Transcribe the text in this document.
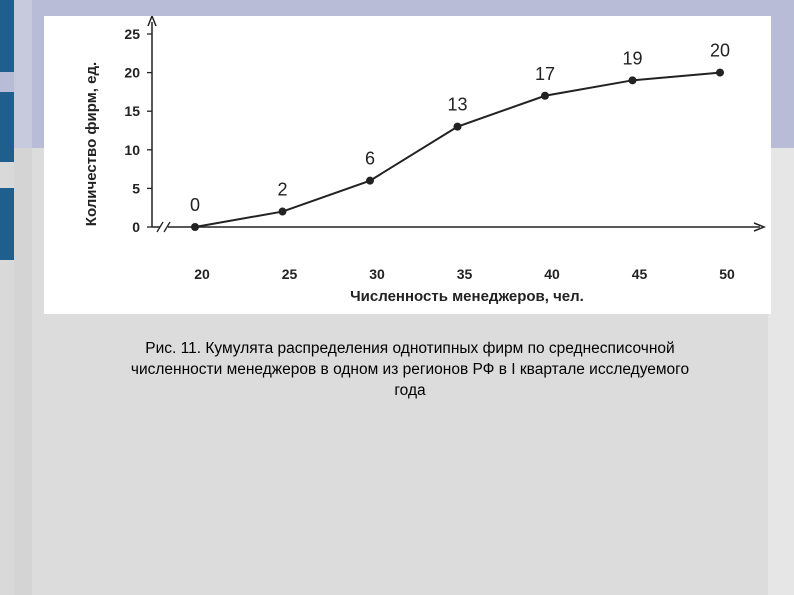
0
5
10
15
20
25
20	25	30	35	40	45	50
0
2
6
13
17
19	20
Численность менеджеров, чел.
Количество фирм, ед.
Рис. 11. Кумулята распределения однотипных фирм по среднесписочной
численности менеджеров в одном из регионов РФ в I квартале исследуемого
года
